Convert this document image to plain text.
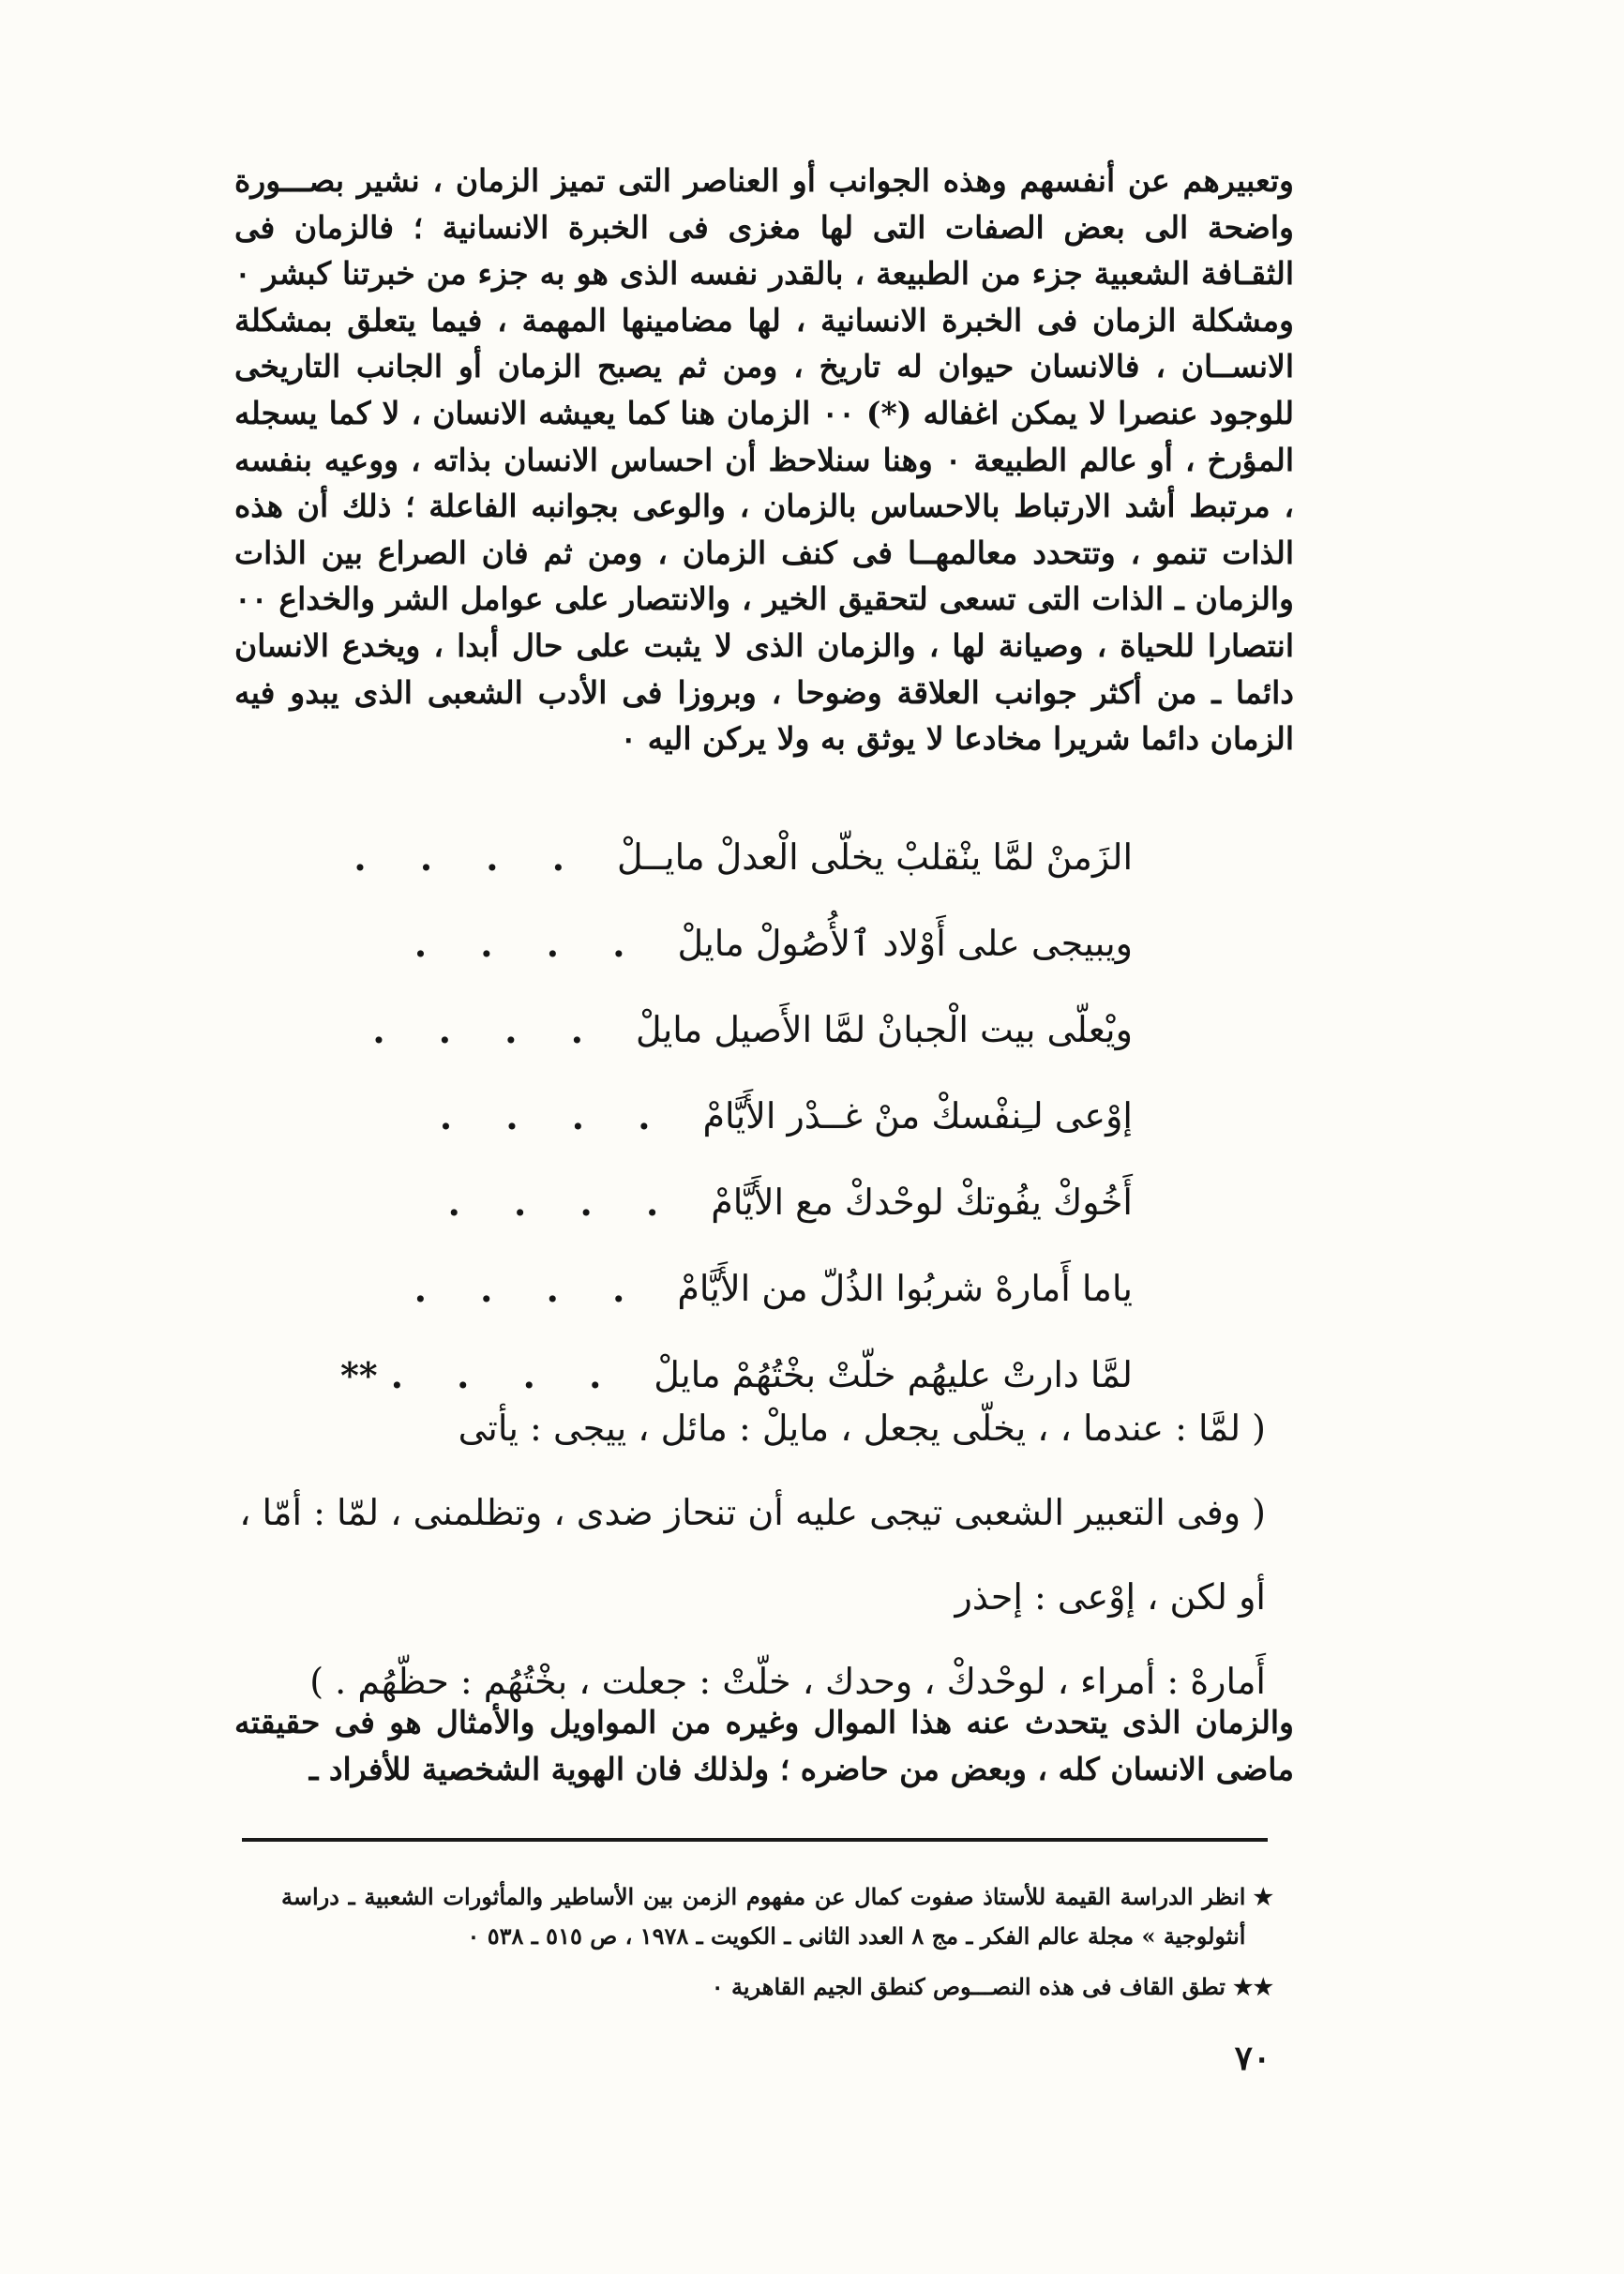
وتعبيرهم عن أنفسهم وهذه الجوانب أو العناصر التى تميز الزمان ، نشير بصـــورة واضحة الى بعض الصفات التى لها مغزى فى الخبرة الانسانية ؛ فالزمان فى الثقـافة الشعبية جزء من الطبيعة ، بالقدر نفسه الذى هو به جزء من خبرتنا كبشر ٠ ومشكلة الزمان فى الخبرة الانسانية ، لها مضامينها المهمة ، فيما يتعلق بمشكلة الانســان ، فالانسان حيوان له تاريخ ، ومن ثم يصبح الزمان أو الجانب التاريخى للوجود عنصرا لا يمكن اغفاله (*) ٠٠ الزمان هنا كما يعيشه الانسان ، لا كما يسجله المؤرخ ، أو عالم الطبيعة ٠ وهنا سنلاحظ أن احساس الانسان بذاته ، ووعيه بنفسه ، مرتبط أشد الارتباط بالاحساس بالزمان ، والوعى بجوانبه الفاعلة ؛ ذلك أن هذه الذات تنمو ، وتتحدد معالمهــا فى كنف الزمان ، ومن ثم فان الصراع بين الذات والزمان ـ الذات التى تسعى لتحقيق الخير ، والانتصار على عوامل الشر والخداع ٠٠ انتصارا للحياة ، وصيانة لها ، والزمان الذى لا يثبت على حال أبدا ، ويخدع الانسان دائما ـ من أكثر جوانب العلاقة وضوحا ، وبروزا فى الأدب الشعبى الذى يبدو فيه الزمان دائما شريرا مخادعا لا يوثق به ولا يركن اليه ٠

الزَمنْ لمَّا ينْقلبْ يخلّى الْعدلْ مايــلْ
. . . .
ويبيجى على أَوْلاد ٱلأُصُولْ مايلْ
. . . .
ويْعلّى بيت الْجبانْ لمَّا الأَصيل مايلْ
. . . .
إوْعى لـِنفْسكْ منْ غــدْر الأَيَّامْ
. . . .
أَخُوكْ يفُوتكْ لوحْدكْ مع الأَيَّامْ
. . . .
ياما أَمارهْ شربُوا الذُلّ من الأَيَّامْ
. . . .
لمَّا دارتْ عليهُم خلّتْ بخْتُهُمْ مايلْ
. . . .
**
( لمَّا : عندما ، ، يخلّى يجعل ، مايلْ : مائل ، ييجى : يأتى
( وفى التعبير الشعبى تيجى عليه أن تنحاز ضدى ، وتظلمنى ، لمّا : أمّا ،
أو لكن ، إوْعى : إحذر
أَمارهْ : أمراء ، لوحْدكْ ، وحدك ، خلّتْ : جعلت ، بخْتُهُم : حظّهُم . )

والزمان الذى يتحدث عنه هذا الموال وغيره من المواويل والأمثال هو فى حقيقته ماضى الانسان كله ، وبعض من حاضره ؛ ولذلك فان الهوية الشخصية للأفراد ـ

★
انظر الدراسة القيمة للأستاذ صفوت كمال عن مفهوم الزمن بين الأساطير والمأثورات الشعبية ـ دراسة أنثولوجية » مجلة عالم الفكر ـ مج ٨ العدد الثانى ـ الكويت ـ ١٩٧٨ ، ص ٥١٥ ـ ٥٣٨ ٠
★★
تطق القاف فى هذه النصـــوص كنطق الجيم القاهرية ٠
٧٠
